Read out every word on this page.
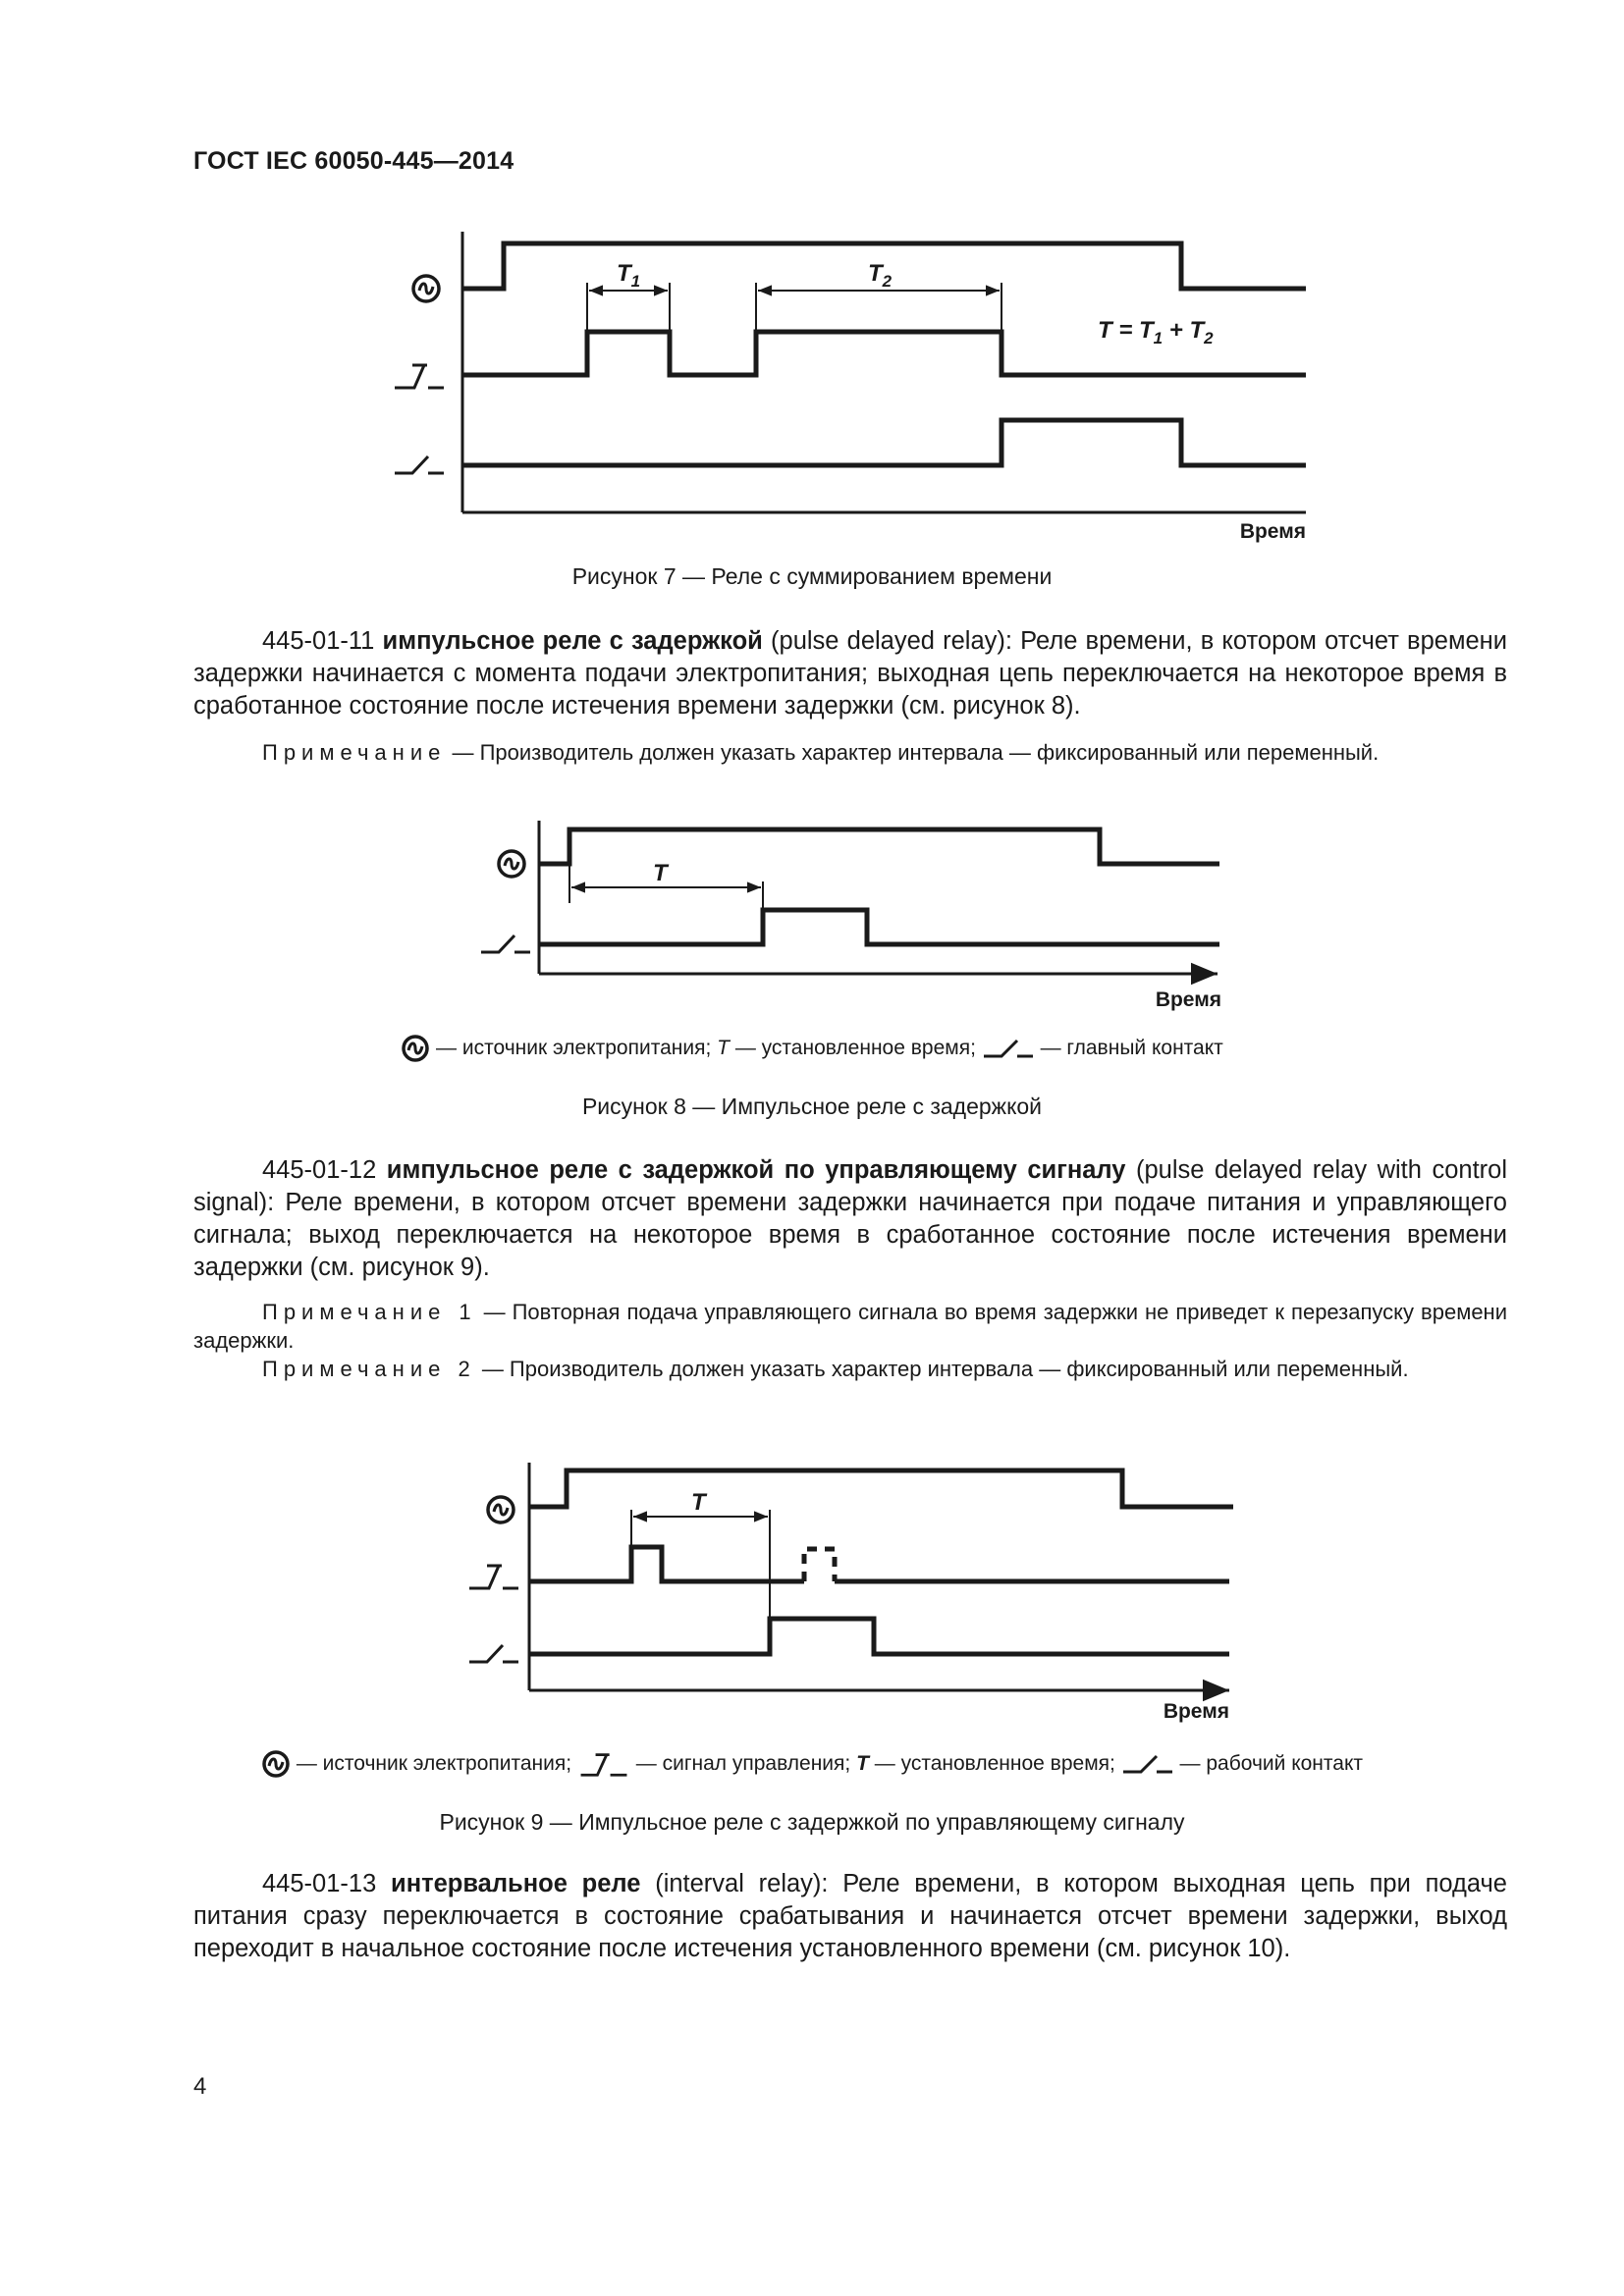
ГОСТ IEC 60050-445—2014
$T_1$	$T_2$
$T = T_1 + T_2$
Время
Рисунок 7 — Реле с суммированием времени
445-01-11 импульсное реле с задержкой (pulse delayed relay): Реле времени, в котором отсчет времени задержки начинается с момента подачи электропитания; выходная цепь переключается на некоторое время в сработанное состояние после истечения времени задержки (см. рисунок 8).
Примечание — Производитель должен указать характер интервала — фиксированный или переменный.
T
Время
— источник электропитания; T — установленное время;	— главный контакт
Рисунок 8 — Импульсное реле с задержкой
445-01-12 импульсное реле с задержкой по управляющему сигналу (pulse delayed relay with control signal): Реле времени, в котором отсчет времени задержки начинается при подаче питания и управляющего сигнала; выход переключается на некоторое время в сработанное состояние после истечения времени задержки (см. рисунок 9).
Примечание 1 — Повторная подача управляющего сигнала во время задержки не приведет к перезапуску времени задержки.
Примечание 2 — Производитель должен указать характер интервала — фиксированный или переменный.
T
Время
— источник электропитания;	— сигнал управления; T — установленное время;	— рабочий контакт
Рисунок 9 — Импульсное реле с задержкой по управляющему сигналу
445-01-13 интервальное реле (interval relay): Реле времени, в котором выходная цепь при подаче питания сразу переключается в состояние срабатывания и начинается отсчет времени задержки, выход переходит в начальное состояние после истечения установленного времени (см. рисунок 10).
4
